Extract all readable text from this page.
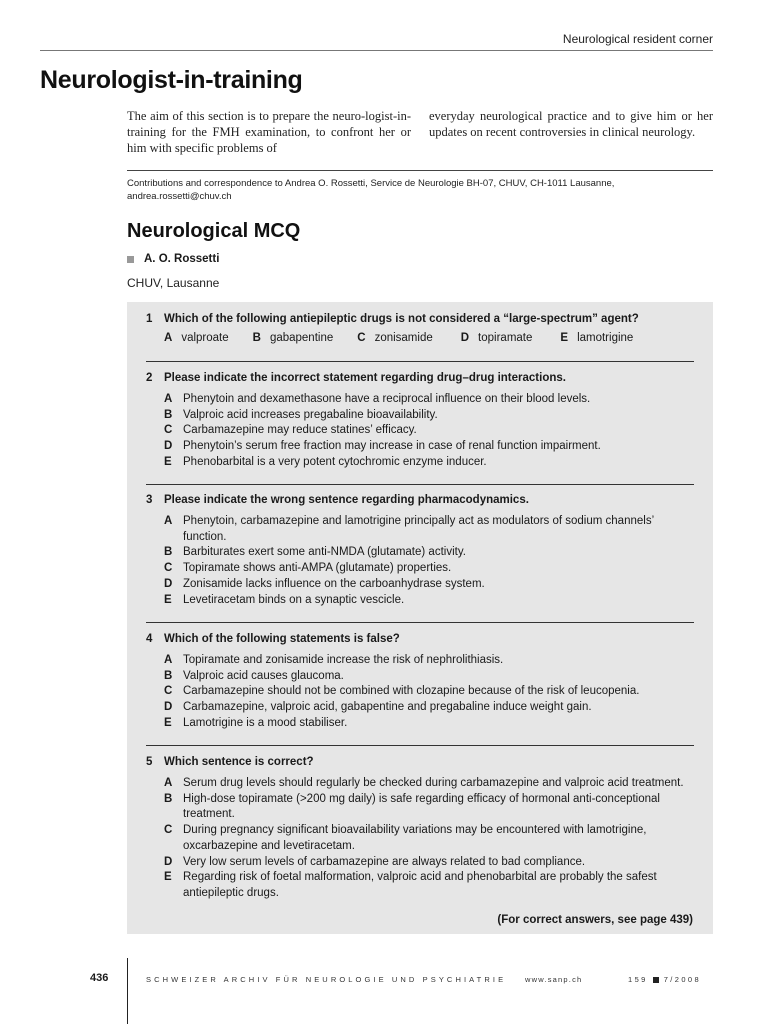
Neurological resident corner
Neurologist-in-training

The aim of this section is to prepare the neuro-logist-in-training for the FMH examination, to confront her or him with specific problems of

everyday neurological practice and to give him or her updates on recent controversies in clinical neurology.

Contributions and correspondence to Andrea O. Rossetti, Service de Neurologie BH-07, CHUV, CH-1011 Lausanne, andrea.rossetti@chuv.ch

Neurological MCQ
A. O. Rossetti
CHUV, Lausanne
1	Which of the following antiepileptic drugs is not considered a “large-spectrum” agent?
A valproate B gabapentine C zonisamide D topiramate E lamotrigine
2	Please indicate the incorrect statement regarding drug–drug interactions.
A Phenytoin and dexamethasone have a reciprocal influence on their blood levels.
B Valproic acid increases pregabaline bioavailability.
C Carbamazepine may reduce statines’ efficacy.
D Phenytoin’s serum free fraction may increase in case of renal function impairment.
E Phenobarbital is a very potent cytochromic enzyme inducer.
3	Please indicate the wrong sentence regarding pharmacodynamics.
A Phenytoin, carbamazepine and lamotrigine principally act as modulators of sodium channels’ function.
B Barbiturates exert some anti-NMDA (glutamate) activity.
C Topiramate shows anti-AMPA (glutamate) properties.
D Zonisamide lacks influence on the carboanhydrase system.
E Levetiracetam binds on a synaptic vescicle.
4	Which of the following statements is false?
A Topiramate and zonisamide increase the risk of nephrolithiasis.
B Valproic acid causes glaucoma.
C Carbamazepine should not be combined with clozapine because of the risk of leucopenia.
D Carbamazepine, valproic acid, gabapentine and pregabaline induce weight gain.
E Lamotrigine is a mood stabiliser.
5	Which sentence is correct?
A Serum drug levels should regularly be checked during carbamazepine and valproic acid treatment.
B High-dose topiramate (>200 mg daily) is safe regarding efficacy of hormonal anti-conceptional treatment.
C During pregnancy significant bioavailability variations may be encountered with lamotrigine, oxcarbazepine and levetiracetam.
D Very low serum levels of carbamazepine are always related to bad compliance.
E Regarding risk of foetal malformation, valproic acid and phenobarbital are probably the safest antiepileptic drugs.
(For correct answers, see page 439)
436	SCHWEIZER ARCHIV FÜR NEUROLOGIE UND PSYCHIATRIE	www.sanp.ch	159 7/2008
